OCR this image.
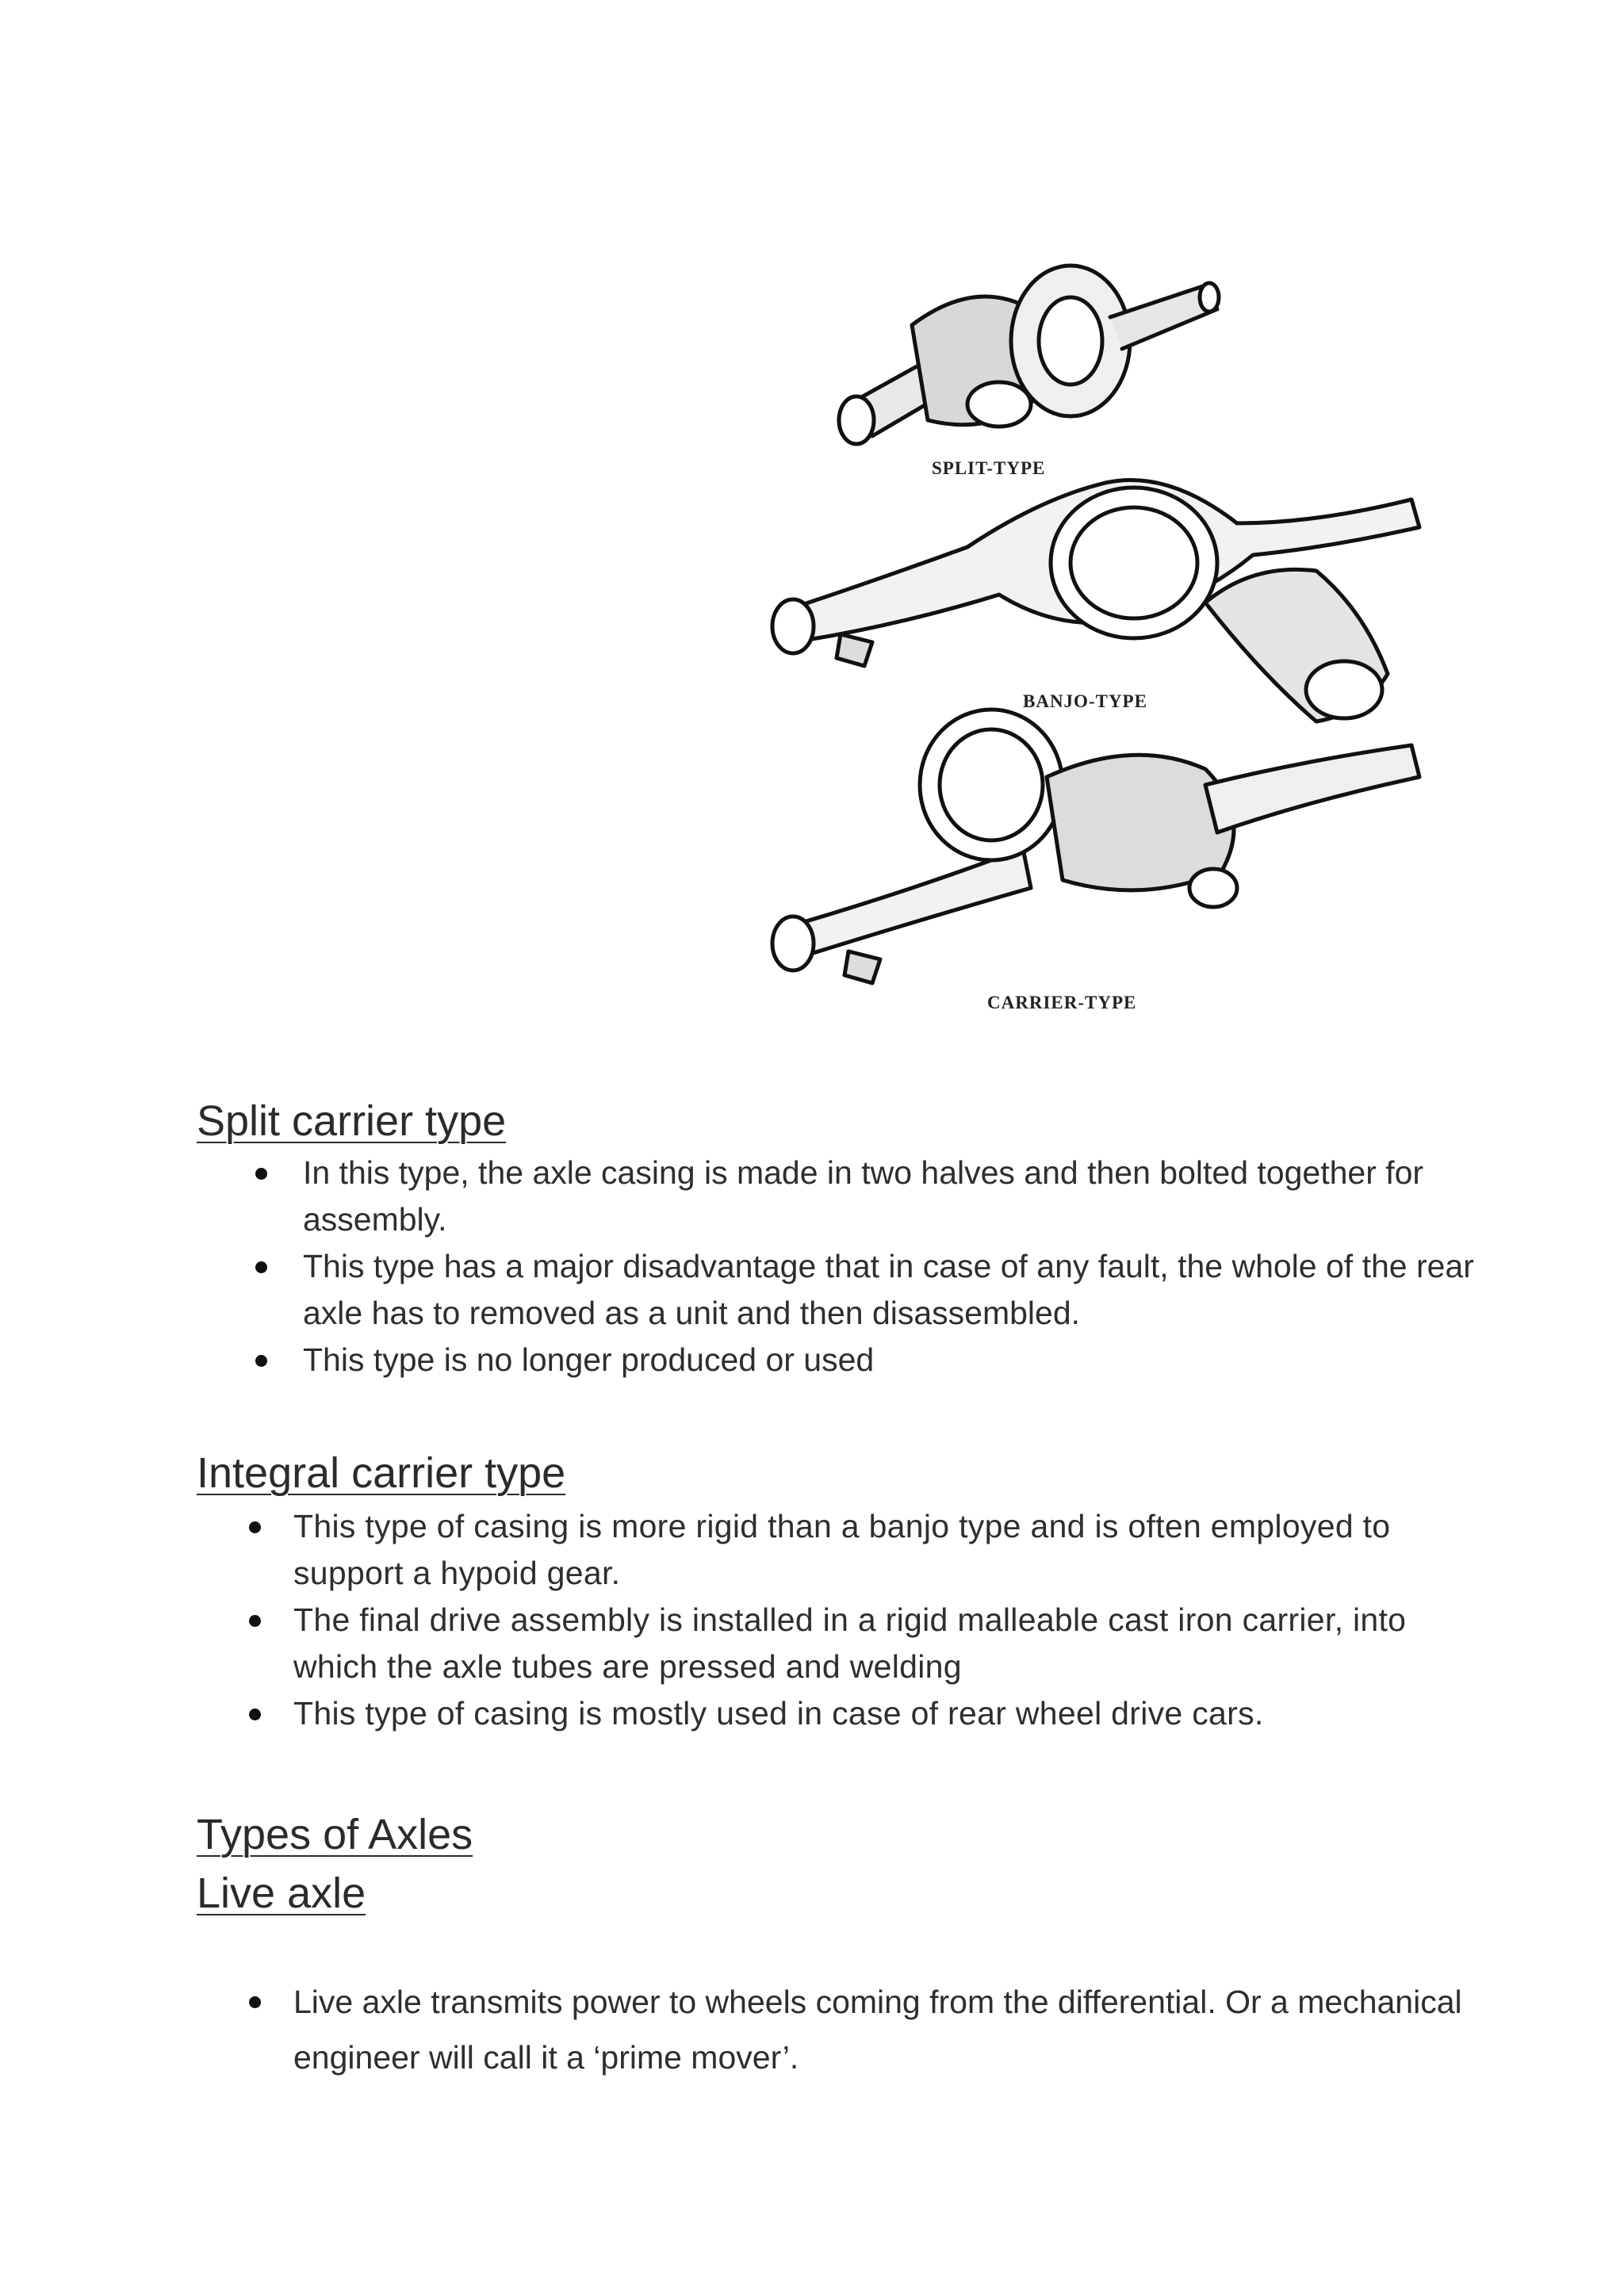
SPLIT-TYPE
BANJO-TYPE
CARRIER-TYPE
Split carrier type
In this type, the axle casing is made in two halves and then bolted together for assembly.
This type has a major disadvantage that in case of any fault, the whole of the rear axle has to removed as a unit and then disassembled.
This type is no longer produced or used
Integral carrier type
This type of casing is more rigid than a banjo type and is often employed to support a hypoid gear.
The final drive assembly is installed in a rigid malleable cast iron carrier, into which the axle tubes are pressed and welding
This type of casing is mostly used in case of rear wheel drive cars.
Types of Axles
Live axle
Live axle transmits power to wheels coming from the differential. Or a mechanical engineer will call it a ‘prime mover’.
